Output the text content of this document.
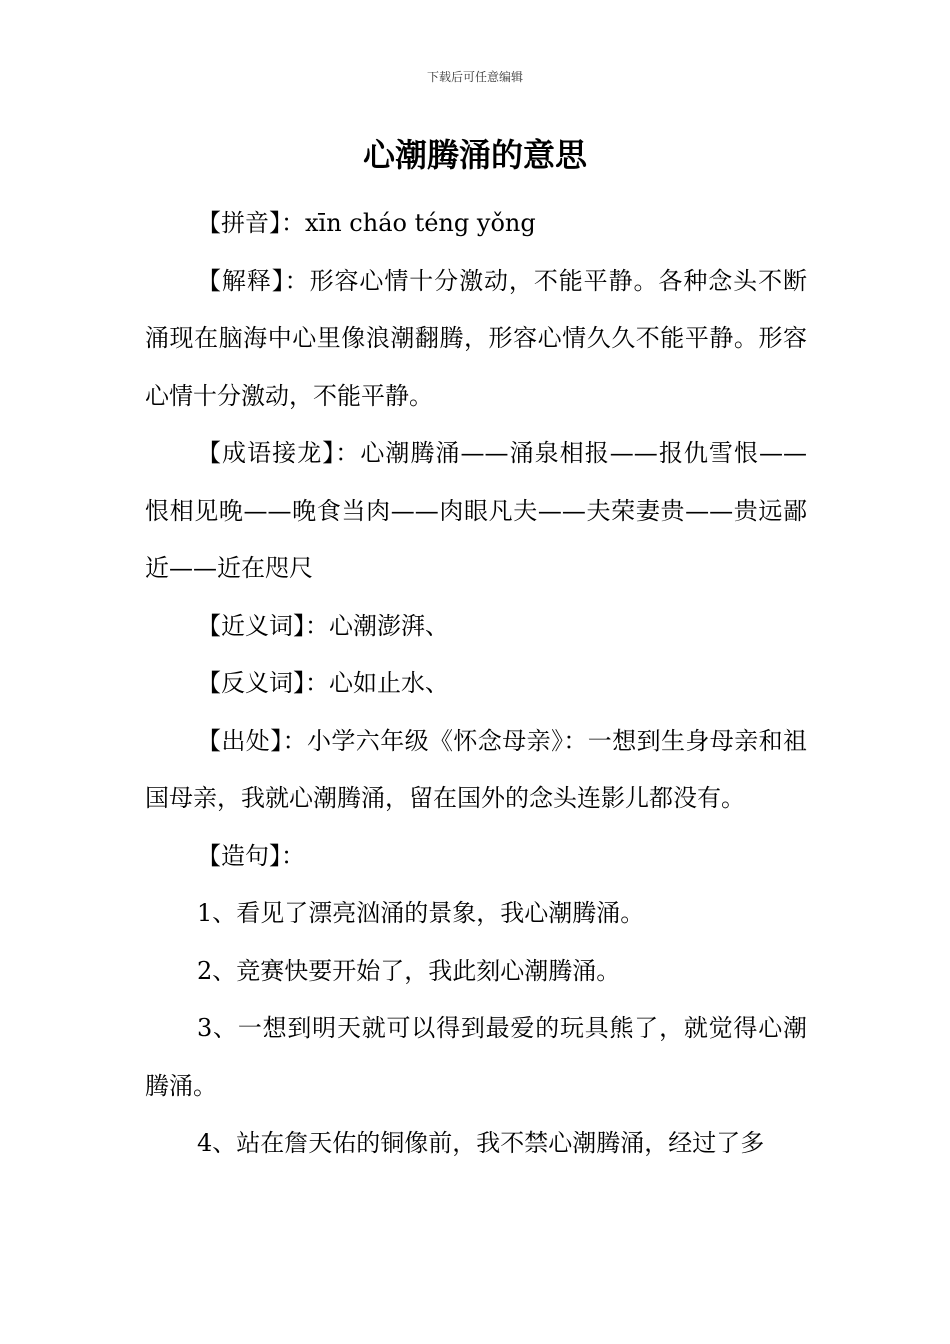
下载后可任意编辑
心潮腾涌的意思

【拼音】：xīn cháo téng yǒng

【解释】：形容心情十分激动，不能平静。各种念头不断涌现在脑海中心里像浪潮翻腾，形容心情久久不能平静。形容心情十分激动，不能平静。

【成语接龙】：心潮腾涌——涌泉相报——报仇雪恨——恨相见晚——晚食当肉——肉眼凡夫——夫荣妻贵——贵远鄙近——近在咫尺

【近义词】：心潮澎湃、

【反义词】：心如止水、

【出处】：小学六年级《怀念母亲》：一想到生身母亲和祖国母亲，我就心潮腾涌，留在国外的念头连影儿都没有。

【造句】：

1、看见了漂亮汹涌的景象，我心潮腾涌。

2、竞赛快要开始了，我此刻心潮腾涌。

3、一想到明天就可以得到最爱的玩具熊了，就觉得心潮腾涌。

4、站在詹天佑的铜像前，我不禁心潮腾涌，经过了多
